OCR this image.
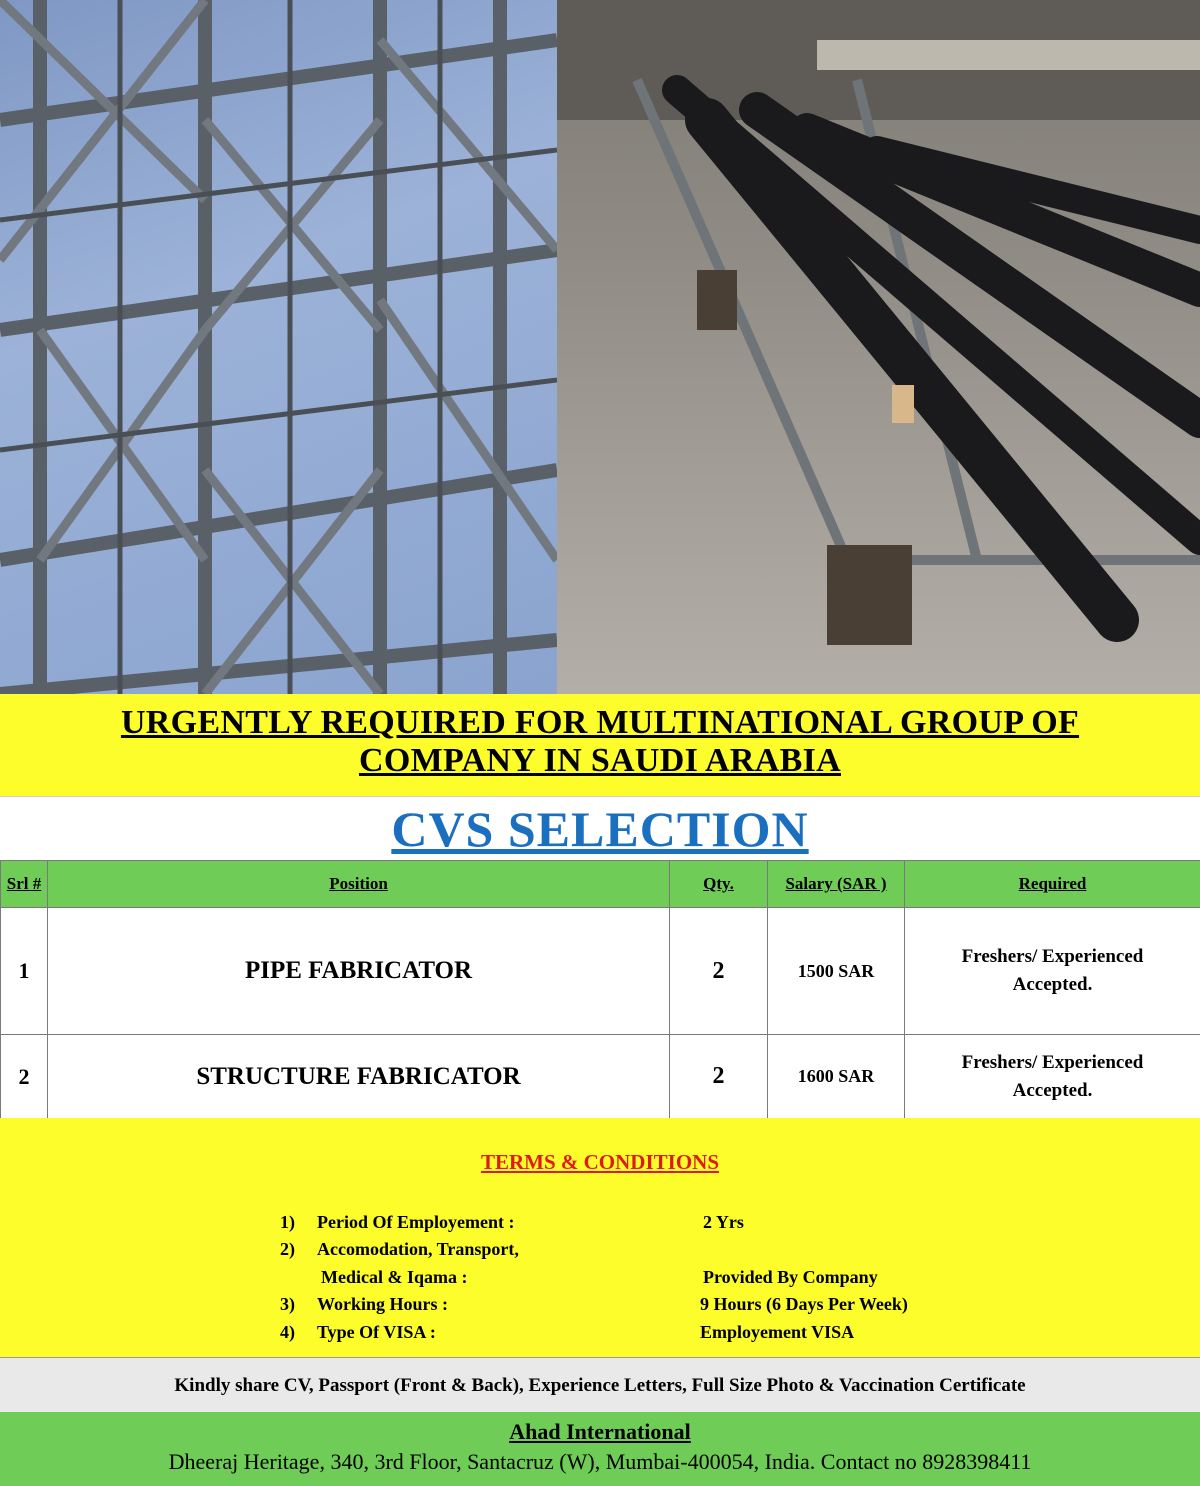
URGENTLY REQUIRED FOR MULTINATIONAL GROUP OF
COMPANY IN SAUDI ARABIA
CVS SELECTION
Srl #	Position	Qty.	Salary (SAR )	Required
1	PIPE FABRICATOR	2	1500 SAR	Freshers/ Experienced
Accepted.
2	STRUCTURE FABRICATOR	2	1600 SAR	Freshers/ Experienced
Accepted.
TERMS & CONDITIONS
1) Period Of Employement :	2 Yrs
2) Accomodation, Transport,
Medical & Iqama :	Provided By Company
3) Working Hours :	9 Hours (6 Days Per Week)
4) Type Of VISA :	Employement VISA
Kindly share CV, Passport (Front & Back), Experience Letters, Full Size Photo & Vaccination Certificate
Ahad International
Dheeraj Heritage, 340, 3rd Floor, Santacruz (W), Mumbai-400054, India. Contact no 8928398411
